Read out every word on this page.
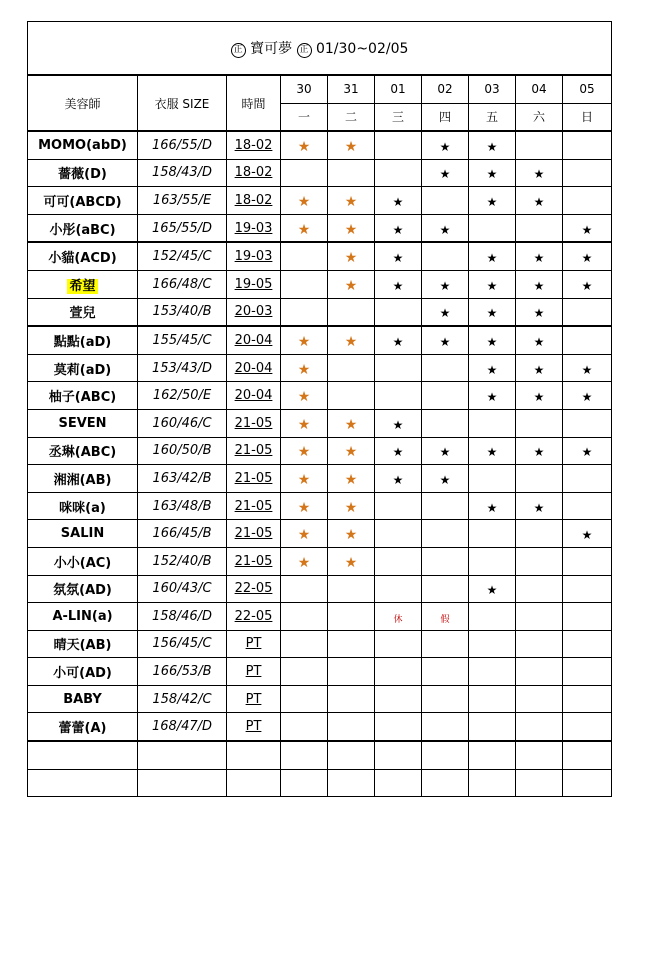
正 寶可夢 正 01/30~02/05									
美容師	衣服 SIZE	時間	30	31	01	02	03	04	05
			一	二	三	四	五	六	日
MOMO(abD)	166/55/D	18-02	★	★		★	★		
薔薇(D)	158/43/D	18-02				★	★	★	
可可(ABCD)	163/55/E	18-02	★	★	★		★	★	
小彤(aBC)	165/55/D	19-03	★	★	★	★			★
小貓(ACD)	152/45/C	19-03		★	★		★	★	★
希望	166/48/C	19-05		★	★	★	★	★	★
萱兒	153/40/B	20-03				★	★	★	
點點(aD)	155/45/C	20-04	★	★	★	★	★	★	
莫莉(aD)	153/43/D	20-04	★				★	★	★
柚子(ABC)	162/50/E	20-04	★				★	★	★
SEVEN	160/46/C	21-05	★	★	★				
丞琳(ABC)	160/50/B	21-05	★	★	★	★	★	★	★
湘湘(AB)	163/42/B	21-05	★	★	★	★			
咪咪(a)	163/48/B	21-05	★	★			★	★	
SALIN	166/45/B	21-05	★	★					★
小小(AC)	152/40/B	21-05	★	★					
氛氛(AD)	160/43/C	22-05					★		
A-LIN(a)	158/46/D	22-05			休	假			
晴天(AB)	156/45/C	PT							
小可(AD)	166/53/B	PT							
BABY	158/42/C	PT							
蕾蕾(A)	168/47/D	PT							
